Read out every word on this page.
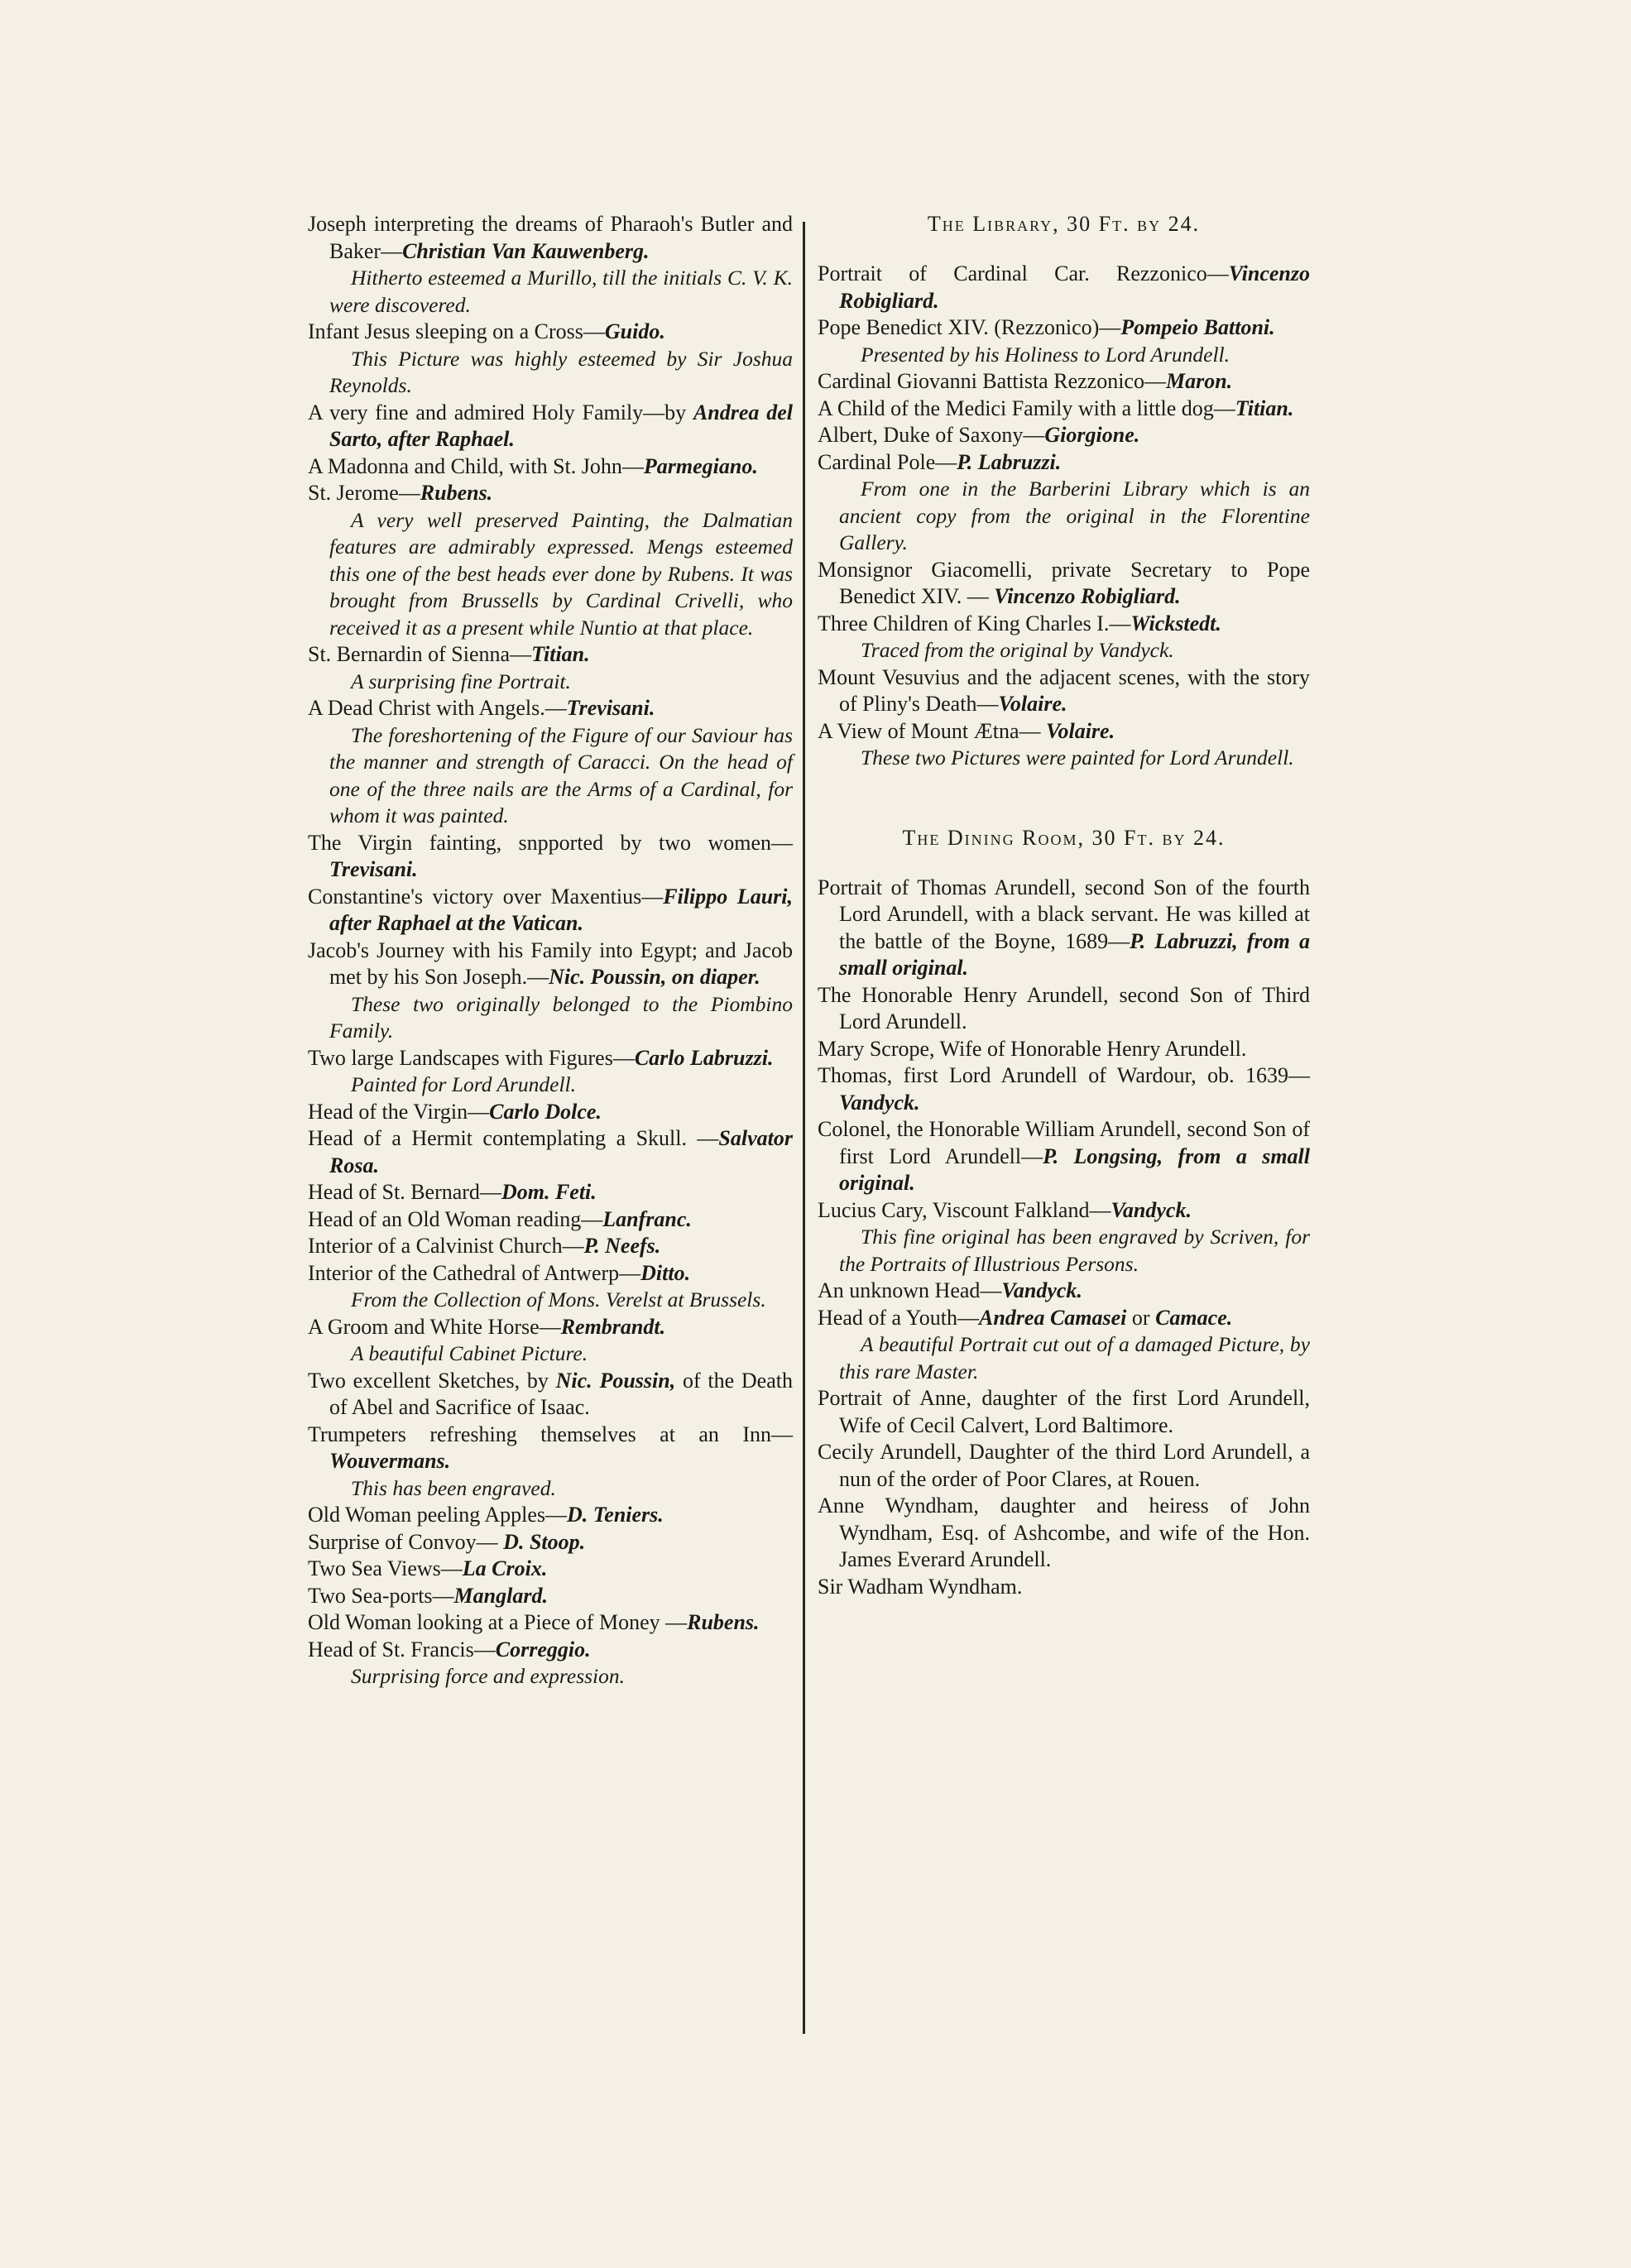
Joseph interpreting the dreams of Pharaoh's Butler and Baker—Christian Van Kauwenberg.
Hitherto esteemed a Murillo, till the initials C. V. K. were discovered.
Infant Jesus sleeping on a Cross—Guido.
This Picture was highly esteemed by Sir Joshua Reynolds.
A very fine and admired Holy Family—by Andrea del Sarto, after Raphael.
A Madonna and Child, with St. John—Parmegiano.
St. Jerome—Rubens.
A very well preserved Painting, the Dalmatian features are admirably expressed. Mengs esteemed this one of the best heads ever done by Rubens. It was brought from Brussells by Cardinal Crivelli, who received it as a present while Nuntio at that place.
St. Bernardin of Sienna—Titian.
A surprising fine Portrait.
A Dead Christ with Angels.—Trevisani.
The foreshortening of the Figure of our Saviour has the manner and strength of Caracci. On the head of one of the three nails are the Arms of a Cardinal, for whom it was painted.
The Virgin fainting, snpported by two women—Trevisani.
Constantine's victory over Maxentius—Filippo Lauri, after Raphael at the Vatican.
Jacob's Journey with his Family into Egypt; and Jacob met by his Son Joseph.—Nic. Poussin, on diaper.
These two originally belonged to the Piombino Family.
Two large Landscapes with Figures—Carlo Labruzzi.
Painted for Lord Arundell.
Head of the Virgin—Carlo Dolce.
Head of a Hermit contemplating a Skull. —Salvator Rosa.
Head of St. Bernard—Dom. Feti.
Head of an Old Woman reading—Lanfranc.
Interior of a Calvinist Church—P. Neefs.
Interior of the Cathedral of Antwerp—Ditto.
From the Collection of Mons. Verelst at Brussels.
A Groom and White Horse—Rembrandt.
A beautiful Cabinet Picture.
Two excellent Sketches, by Nic. Poussin, of the Death of Abel and Sacrifice of Isaac.
Trumpeters refreshing themselves at an Inn—Wouvermans.
This has been engraved.
Old Woman peeling Apples—D. Teniers.
Surprise of Convoy— D. Stoop.
Two Sea Views—La Croix.
Two Sea-ports—Manglard.
Old Woman looking at a Piece of Money —Rubens.
Head of St. Francis—Correggio.
Surprising force and expression.
The Library, 30 Ft. by 24.
Portrait of Cardinal Car. Rezzonico—Vincenzo Robigliard.
Pope Benedict XIV. (Rezzonico)—Pompeio Battoni.
Presented by his Holiness to Lord Arundell.
Cardinal Giovanni Battista Rezzonico—Maron.
A Child of the Medici Family with a little dog—Titian.
Albert, Duke of Saxony—Giorgione.
Cardinal Pole—P. Labruzzi.
From one in the Barberini Library which is an ancient copy from the original in the Florentine Gallery.
Monsignor Giacomelli, private Secretary to Pope Benedict XIV. — Vincenzo Robigliard.
Three Children of King Charles I.—Wickstedt.
Traced from the original by Vandyck.
Mount Vesuvius and the adjacent scenes, with the story of Pliny's Death—Volaire.
A View of Mount Ætna— Volaire.
These two Pictures were painted for Lord Arundell.
The Dining Room, 30 Ft. by 24.
Portrait of Thomas Arundell, second Son of the fourth Lord Arundell, with a black servant. He was killed at the battle of the Boyne, 1689—P. Labruzzi, from a small original.
The Honorable Henry Arundell, second Son of Third Lord Arundell.
Mary Scrope, Wife of Honorable Henry Arundell.
Thomas, first Lord Arundell of Wardour, ob. 1639—Vandyck.
Colonel, the Honorable William Arundell, second Son of first Lord Arundell—P. Longsing, from a small original.
Lucius Cary, Viscount Falkland—Vandyck.
This fine original has been engraved by Scriven, for the Portraits of Illustrious Persons.
An unknown Head—Vandyck.
Head of a Youth—Andrea Camasei or Camace.
A beautiful Portrait cut out of a damaged Picture, by this rare Master.
Portrait of Anne, daughter of the first Lord Arundell, Wife of Cecil Calvert, Lord Baltimore.
Cecily Arundell, Daughter of the third Lord Arundell, a nun of the order of Poor Clares, at Rouen.
Anne Wyndham, daughter and heiress of John Wyndham, Esq. of Ashcombe, and wife of the Hon. James Everard Arundell.
Sir Wadham Wyndham.
